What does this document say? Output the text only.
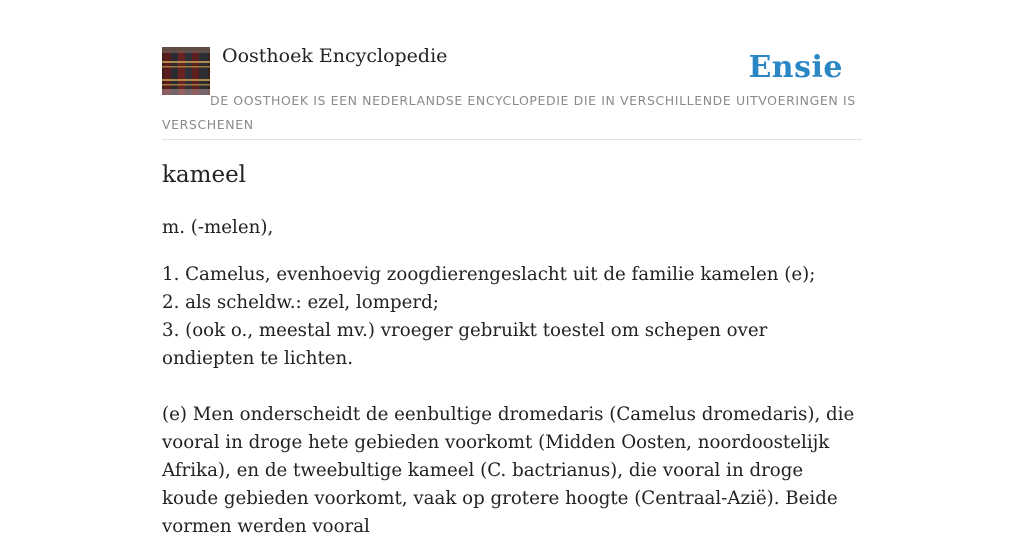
Oosthoek Encyclopedie	Ensie
DE OOSTHOEK IS EEN NEDERLANDSE ENCYCLOPEDIE DIE IN VERSCHILLENDE UITVOERINGEN IS VERSCHENEN
kameel

m. (-melen),

1. Camelus, evenhoevig zoogdierengeslacht uit de familie kamelen (e);

2. als scheldw.: ezel, lomperd;

3. (ook o., meestal mv.) vroeger gebruikt toestel om schepen over ondiepten te lichten.

(e) Men onderscheidt de eenbultige dromedaris (Camelus dromedaris), die vooral in droge hete gebieden voorkomt (Midden Oosten, noordoostelijk Afrika), en de tweebultige kameel (C. bactrianus), die vooral in droge koude gebieden voorkomt, vaak op grotere hoogte (Centraal-Azië). Beide vormen werden vooral
